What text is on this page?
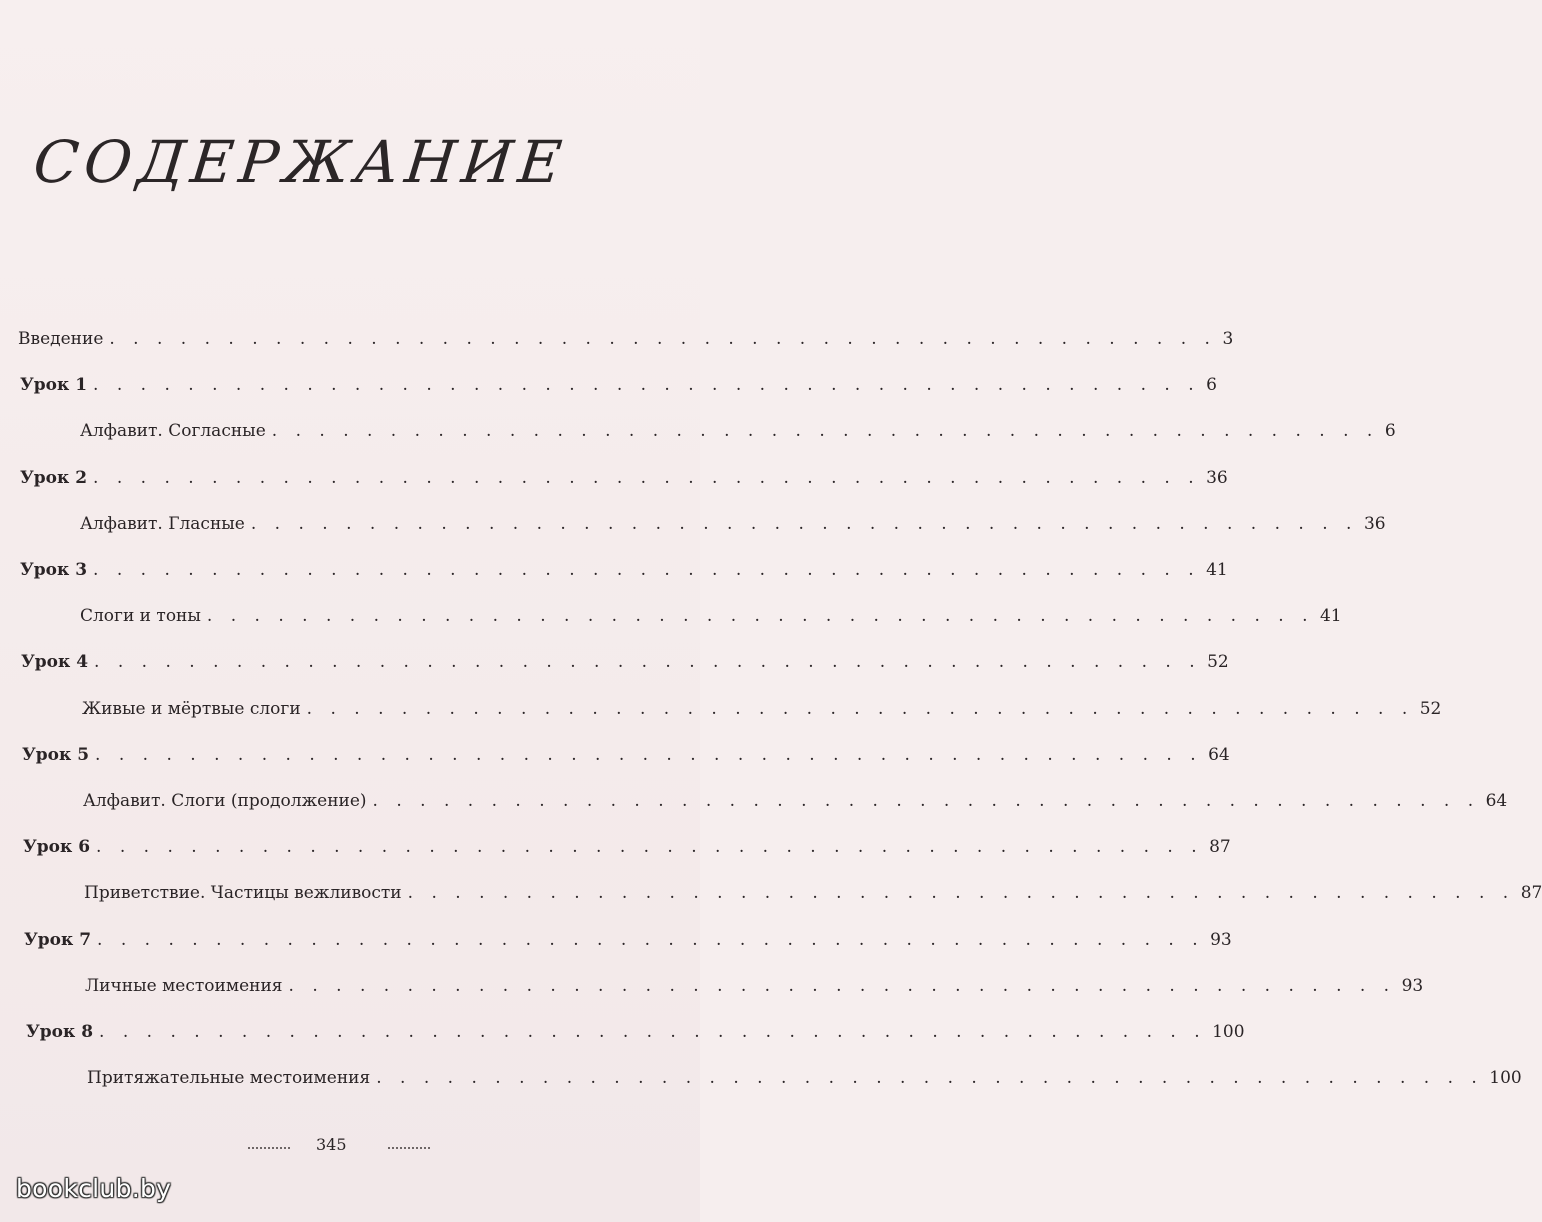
СОДЕРЖАНИЕ
Введение . . . . . . . . . . . . . . . . . . . . . . . . . . . . . . . . . . . . . . . . . . . . . . . 3
Урок 1 . . . . . . . . . . . . . . . . . . . . . . . . . . . . . . . . . . . . . . . . . . . . . . . 6
Алфавит. Согласные . . . . . . . . . . . . . . . . . . . . . . . . . . . . . . . . . . . . . . . . . . . . . . . 6
Урок 2 . . . . . . . . . . . . . . . . . . . . . . . . . . . . . . . . . . . . . . . . . . . . . . . 36
Алфавит. Гласные . . . . . . . . . . . . . . . . . . . . . . . . . . . . . . . . . . . . . . . . . . . . . . . 36
Урок 3 . . . . . . . . . . . . . . . . . . . . . . . . . . . . . . . . . . . . . . . . . . . . . . . 41
Слоги и тоны . . . . . . . . . . . . . . . . . . . . . . . . . . . . . . . . . . . . . . . . . . . . . . . 41
Урок 4 . . . . . . . . . . . . . . . . . . . . . . . . . . . . . . . . . . . . . . . . . . . . . . . 52
Живые и мёртвые слоги . . . . . . . . . . . . . . . . . . . . . . . . . . . . . . . . . . . . . . . . . . . . . . . 52
Урок 5 . . . . . . . . . . . . . . . . . . . . . . . . . . . . . . . . . . . . . . . . . . . . . . . 64
Алфавит. Слоги (продолжение) . . . . . . . . . . . . . . . . . . . . . . . . . . . . . . . . . . . . . . . . . . . . . . . 64
Урок 6 . . . . . . . . . . . . . . . . . . . . . . . . . . . . . . . . . . . . . . . . . . . . . . . 87
Приветствие. Частицы вежливости . . . . . . . . . . . . . . . . . . . . . . . . . . . . . . . . . . . . . . . . . . . . . . . 87
Урок 7 . . . . . . . . . . . . . . . . . . . . . . . . . . . . . . . . . . . . . . . . . . . . . . . 93
Личные местоимения . . . . . . . . . . . . . . . . . . . . . . . . . . . . . . . . . . . . . . . . . . . . . . . 93
Урок 8 . . . . . . . . . . . . . . . . . . . . . . . . . . . . . . . . . . . . . . . . . . . . . . . 100
Притяжательные местоимения . . . . . . . . . . . . . . . . . . . . . . . . . . . . . . . . . . . . . . . . . . . . . . . 100
345
bookclub.by
